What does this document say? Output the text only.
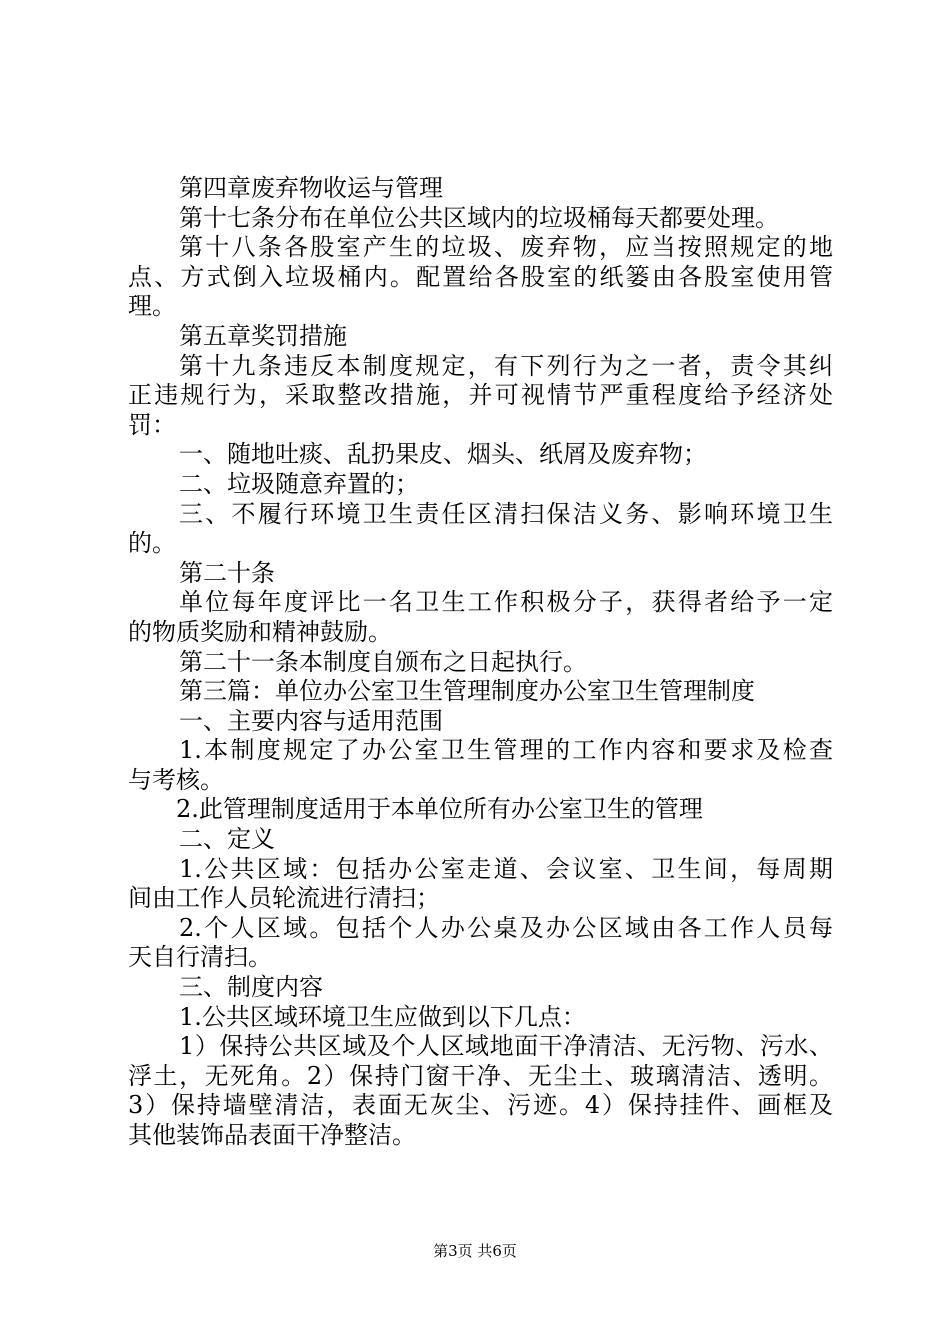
第四章废弃物收运与管理
第十七条分布在单位公共区域内的垃圾桶每天都要处理。
第十八条各股室产生的垃圾、废弃物，应当按照规定的地
点、方式倒入垃圾桶内。配置给各股室的纸篓由各股室使用管
理。
第五章奖罚措施
第十九条违反本制度规定，有下列行为之一者，责令其纠
正违规行为，采取整改措施，并可视情节严重程度给予经济处
罚：
一、随地吐痰、乱扔果皮、烟头、纸屑及废弃物；
二、垃圾随意弃置的；
三、不履行环境卫生责任区清扫保洁义务、影响环境卫生
的。
第二十条
单位每年度评比一名卫生工作积极分子，获得者给予一定
的物质奖励和精神鼓励。
第二十一条本制度自颁布之日起执行。
第三篇：单位办公室卫生管理制度办公室卫生管理制度
一、主要内容与适用范围
1.本制度规定了办公室卫生管理的工作内容和要求及检查
与考核。
2.此管理制度适用于本单位所有办公室卫生的管理
二、定义
1.公共区域：包括办公室走道、会议室、卫生间，每周期
间由工作人员轮流进行清扫；
2.个人区域。包括个人办公桌及办公区域由各工作人员每
天自行清扫。
三、制度内容
1.公共区域环境卫生应做到以下几点：
1）保持公共区域及个人区域地面干净清洁、无污物、污水、
浮土，无死角。2）保持门窗干净、无尘土、玻璃清洁、透明。
3）保持墙壁清洁，表面无灰尘、污迹。4）保持挂件、画框及
其他装饰品表面干净整洁。
第3页 共6页
